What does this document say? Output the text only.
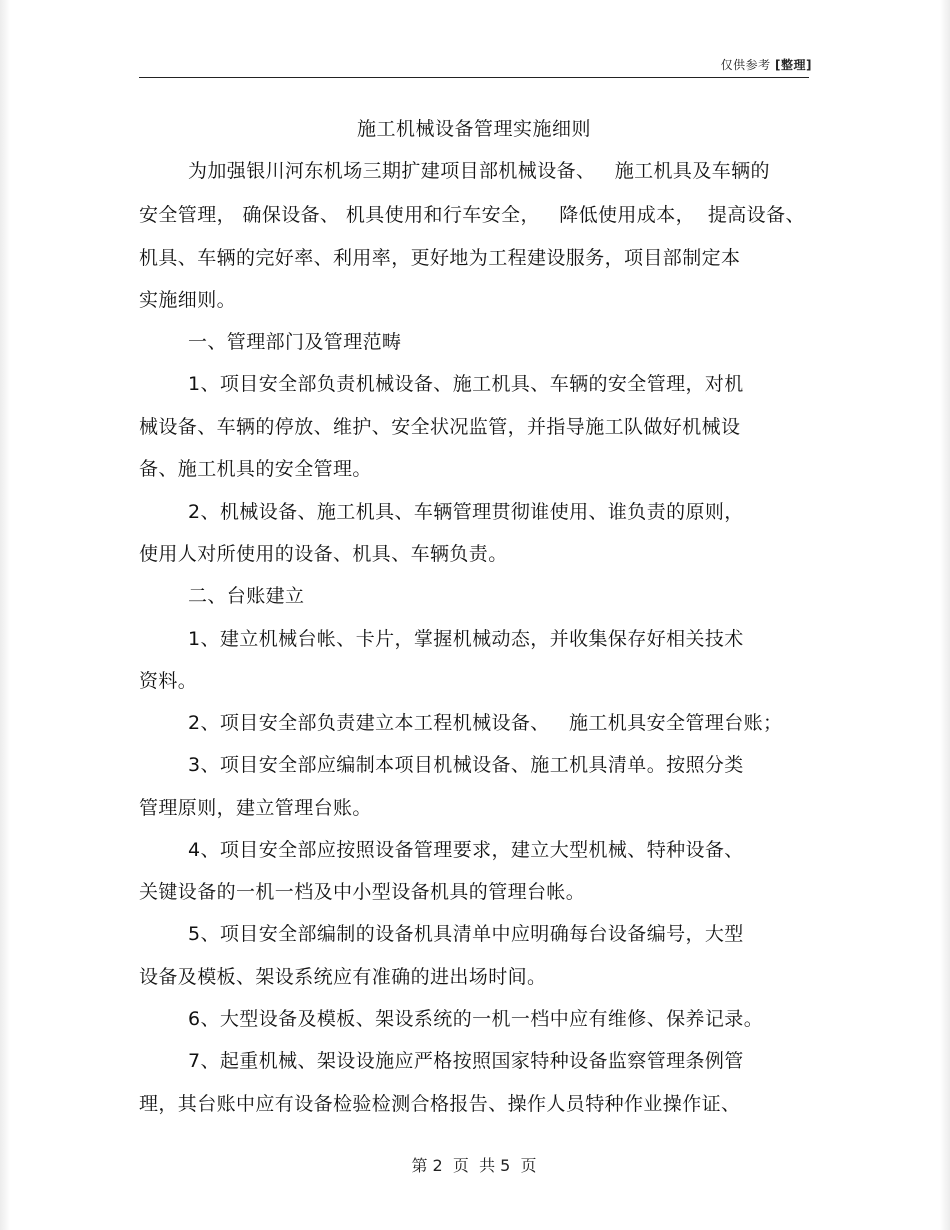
仅供参考 [整理]
施工机械设备管理实施细则
为加强银川河东机场三期扩建项目部机械设备、   施工机具及车辆的
安全管理， 确保设备、 机具使用和行车安全，   降低使用成本，  提高设备、
机具、车辆的完好率、利用率，更好地为工程建设服务，项目部制定本
实施细则。
一、管理部门及管理范畴
1、项目安全部负责机械设备、施工机具、车辆的安全管理，对机
械设备、车辆的停放、维护、安全状况监管，并指导施工队做好机械设
备、施工机具的安全管理。
2、机械设备、施工机具、车辆管理贯彻谁使用、谁负责的原则，
使用人对所使用的设备、机具、车辆负责。
二、台账建立
1、建立机械台帐、卡片，掌握机械动态，并收集保存好相关技术
资料。
2、项目安全部负责建立本工程机械设备、   施工机具安全管理台账；
3、项目安全部应编制本项目机械设备、施工机具清单。按照分类
管理原则，建立管理台账。
4、项目安全部应按照设备管理要求，建立大型机械、特种设备、
关键设备的一机一档及中小型设备机具的管理台帐。
5、项目安全部编制的设备机具清单中应明确每台设备编号，大型
设备及模板、架设系统应有准确的进出场时间。
6、大型设备及模板、架设系统的一机一档中应有维修、保养记录。
7、起重机械、架设设施应严格按照国家特种设备监察管理条例管
理，其台账中应有设备检验检测合格报告、操作人员特种作业操作证、
第 2  页  共 5  页
